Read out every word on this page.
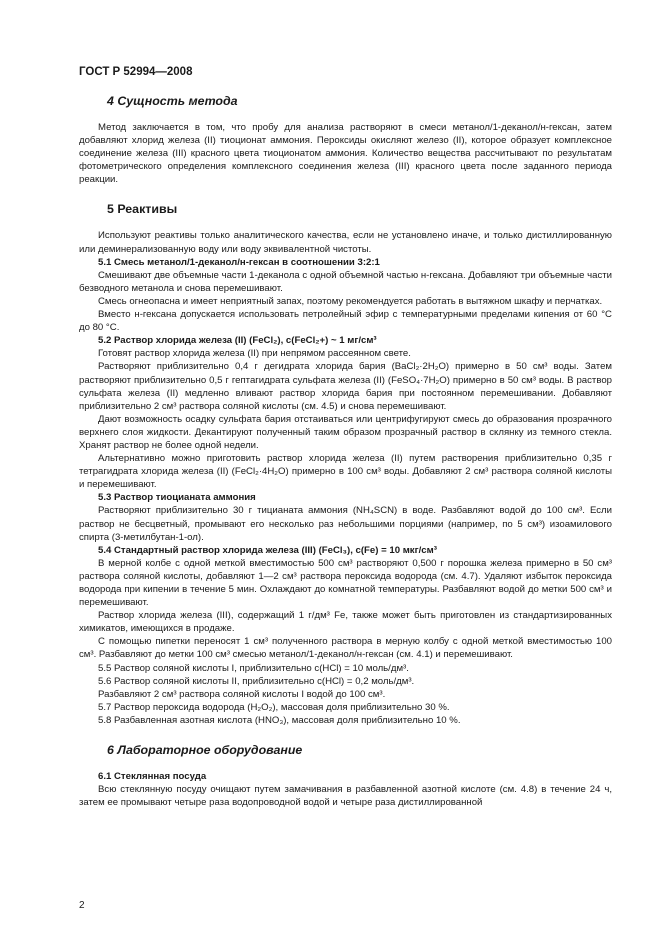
ГОСТ Р 52994—2008

4 Сущность метода

Метод заключается в том, что пробу для анализа растворяют в смеси метанол/1-деканол/н-гексан, затем добавляют хлорид железа (II) тиоционат аммония. Пероксиды окисляют железо (II), которое образует комплексное соединение железа (III) красного цвета тиоционатом аммония. Количество вещества рассчитывают по результатам фотометрического определения комплексного соединения железа (III) красного цвета после заданного периода реакции.

5 Реактивы

Используют реактивы только аналитического качества, если не установлено иначе, и только дистиллированную или деминерализованную воду или воду эквивалентной чистоты.

5.1 Смесь метанол/1-деканол/н-гексан в соотношении 3:2:1

Смешивают две объемные части 1-деканола с одной объемной частью н-гексана. Добавляют три объемные части безводного метанола и снова перемешивают.

Смесь огнеопасна и имеет неприятный запах, поэтому рекомендуется работать в вытяжном шкафу и перчатках.

Вместо н-гексана допускается использовать петролейный эфир с температурными пределами кипения от 60 °С до 80 °С.

5.2 Раствор хлорида железа (II) (FeCl₂), c(FeCl₂+) ~ 1 мг/см³

Готовят раствор хлорида железа (II) при непрямом рассеянном свете.

Растворяют приблизительно 0,4 г дегидрата хлорида бария (BaCl₂·2H₂O) примерно в 50 см³ воды. Затем растворяют приблизительно 0,5 г гептагидрата сульфата железа (II) (FeSO₄·7H₂O) примерно в 50 см³ воды. В раствор сульфата железа (II) медленно вливают раствор хлорида бария при постоянном перемешивании. Добавляют приблизительно 2 см³ раствора соляной кислоты (см. 4.5) и снова перемешивают.

Дают возможность осадку сульфата бария отстаиваться или центрифугируют смесь до образования прозрачного верхнего слоя жидкости. Декантируют полученный таким образом прозрачный раствор в склянку из темного стекла. Хранят раствор не более одной недели.

Альтернативно можно приготовить раствор хлорида железа (II) путем растворения приблизительно 0,35 г тетрагидрата хлорида железа (II) (FeCl₂·4H₂O) примерно в 100 см³ воды. Добавляют 2 см³ раствора соляной кислоты и перемешивают.

5.3 Раствор тиоцианата аммония

Растворяют приблизительно 30 г тицианата аммония (NH₄SCN) в воде. Разбавляют водой до 100 см³. Если раствор не бесцветный, промывают его несколько раз небольшими порциями (например, по 5 см³) изоамилового спирта (3-метилбутан-1-ол).

5.4 Стандартный раствор хлорида железа (III) (FeCl₃), c(Fe) = 10 мкг/см³

В мерной колбе с одной меткой вместимостью 500 см³ растворяют 0,500 г порошка железа примерно в 50 см³ раствора соляной кислоты, добавляют 1—2 см³ раствора пероксида водорода (см. 4.7). Удаляют избыток пероксида водорода при кипении в течение 5 мин. Охлаждают до комнатной температуры. Разбавляют водой до метки 500 см³ и перемешивают.

Раствор хлорида железа (III), содержащий 1 г/дм³ Fe, также может быть приготовлен из стандартизированных химикатов, имеющихся в продаже.

С помощью пипетки переносят 1 см³ полученного раствора в мерную колбу с одной меткой вместимостью 100 см³. Разбавляют до метки 100 см³ смесью метанол/1-деканол/н-гексан (см. 4.1) и перемешивают.

5.5 Раствор соляной кислоты I, приблизительно c(HCl) = 10 моль/дм³.

5.6 Раствор соляной кислоты II, приблизительно c(HCl) = 0,2 моль/дм³.

Разбавляют 2 см³ раствора соляной кислоты I водой до 100 см³.

5.7 Раствор пероксида водорода (H₂O₂), массовая доля приблизительно 30 %.

5.8 Разбавленная азотная кислота (HNO₃), массовая доля приблизительно 10 %.

6 Лабораторное оборудование

6.1 Стеклянная посуда

Всю стеклянную посуду очищают путем замачивания в разбавленной азотной кислоте (см. 4.8) в течение 24 ч, затем ее промывают четыре раза водопроводной водой и четыре раза дистиллированной

2
